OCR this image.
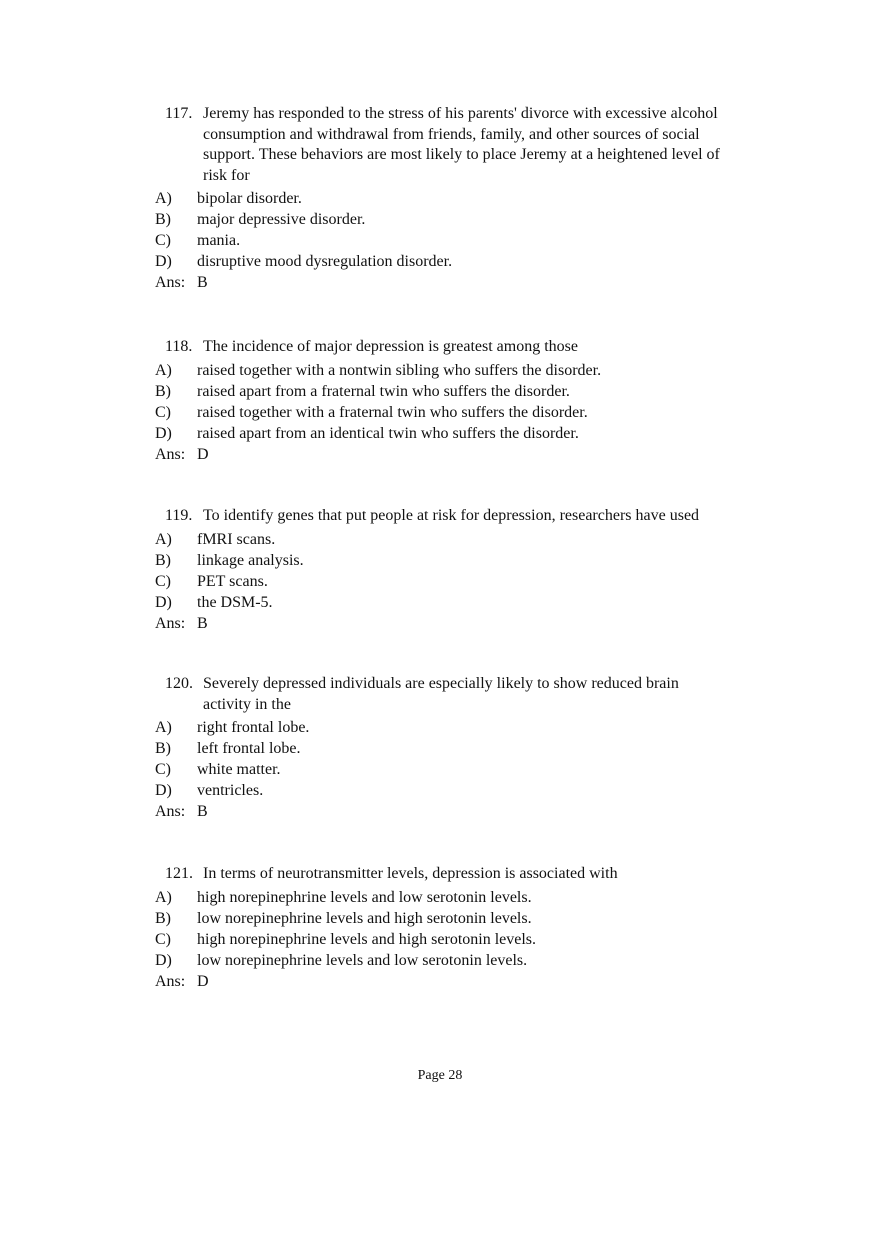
117. Jeremy has responded to the stress of his parents' divorce with excessive alcohol
consumption and withdrawal from friends, family, and other sources of social
support. These behaviors are most likely to place Jeremy at a heightened level of
risk for
A) bipolar disorder.
B) major depressive disorder.
C) mania.
D) disruptive mood dysregulation disorder.
Ans: B
118. The incidence of major depression is greatest among those
A) raised together with a nontwin sibling who suffers the disorder.
B) raised apart from a fraternal twin who suffers the disorder.
C) raised together with a fraternal twin who suffers the disorder.
D) raised apart from an identical twin who suffers the disorder.
Ans: D
119. To identify genes that put people at risk for depression, researchers have used
A) fMRI scans.
B) linkage analysis.
C) PET scans.
D) the DSM-5.
Ans: B
120. Severely depressed individuals are especially likely to show reduced brain
activity in the
A) right frontal lobe.
B) left frontal lobe.
C) white matter.
D) ventricles.
Ans: B
121. In terms of neurotransmitter levels, depression is associated with
A) high norepinephrine levels and low serotonin levels.
B) low norepinephrine levels and high serotonin levels.
C) high norepinephrine levels and high serotonin levels.
D) low norepinephrine levels and low serotonin levels.
Ans: D
Page 28
